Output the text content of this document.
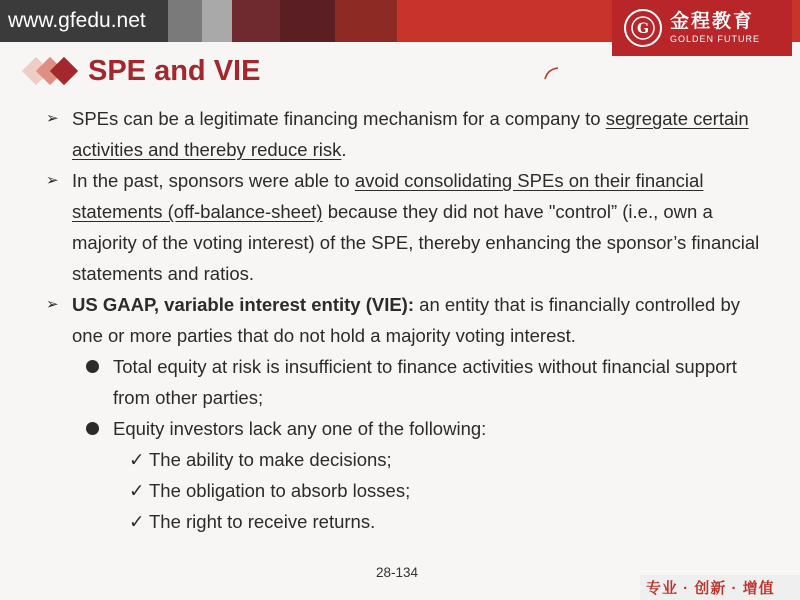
www.gfedu.net	G 金程教育
GOLDEN FUTURE
SPE and VIE
➢ SPEs can be a legitimate financing mechanism for a company to segregate certain activities and thereby reduce risk.
➢ In the past, sponsors were able to avoid consolidating SPEs on their financial statements (off-balance-sheet) because they did not have "control” (i.e., own a majority of the voting interest) of the SPE, thereby enhancing the sponsor’s financial statements and ratios.
➢ US GAAP, variable interest entity (VIE): an entity that is financially controlled by one or more parties that do not hold a majority voting interest.
Total equity at risk is insufficient to finance activities without financial support from other parties;
Equity investors lack any one of the following:
✓ The ability to make decisions;
✓ The obligation to absorb losses;
✓ The right to receive returns.
28-134
专业 · 创新 · 增值
